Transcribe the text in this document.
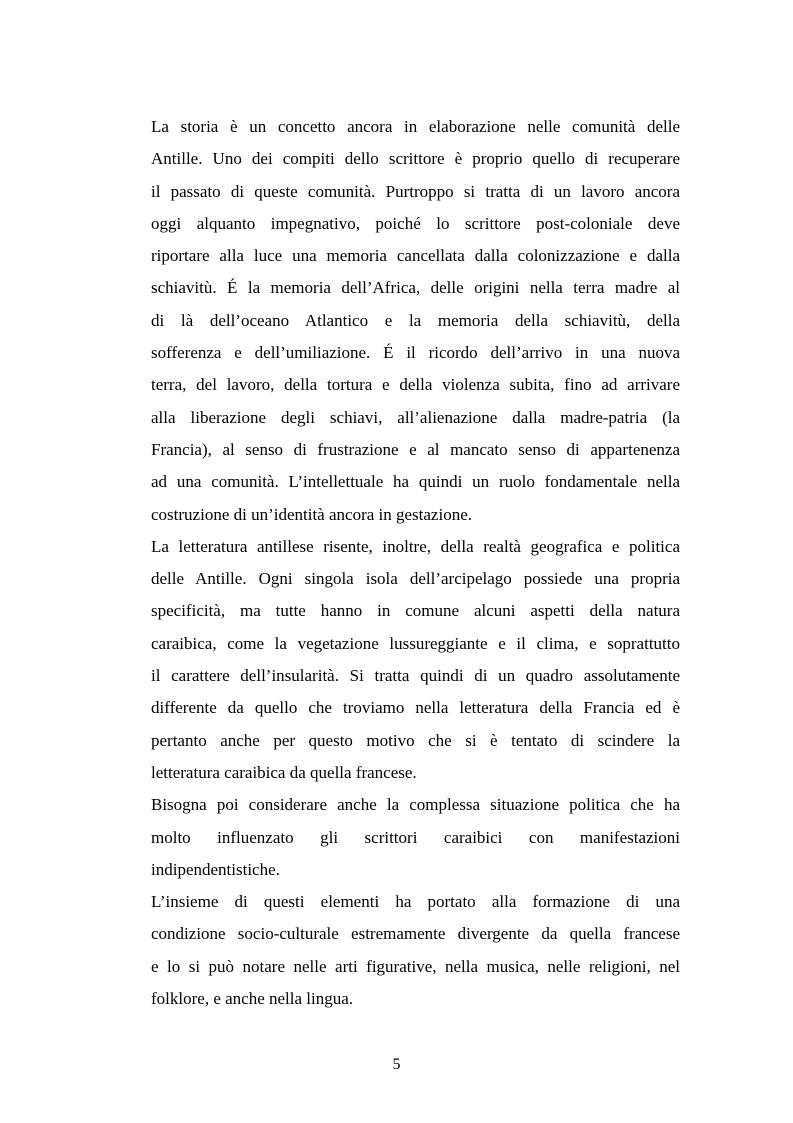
La storia è un concetto ancora in elaborazione nelle comunità delle
Antille. Uno dei compiti dello scrittore è proprio quello di recuperare
il passato di queste comunità. Purtroppo si tratta di un lavoro ancora
oggi alquanto impegnativo, poiché lo scrittore post-coloniale deve
riportare alla luce una memoria cancellata dalla colonizzazione e dalla
schiavitù. É la memoria dell’Africa, delle origini nella terra madre al
di là dell’oceano Atlantico e la memoria della schiavitù, della
sofferenza e dell’umiliazione. É il ricordo dell’arrivo in una nuova
terra, del lavoro, della tortura e della violenza subita, fino ad arrivare
alla liberazione degli schiavi, all’alienazione dalla madre-patria (la
Francia), al senso di frustrazione e al mancato senso di appartenenza
ad una comunità. L’intellettuale ha quindi un ruolo fondamentale nella
costruzione di un’identità ancora in gestazione.
La letteratura antillese risente, inoltre, della realtà geografica e politica
delle Antille. Ogni singola isola dell’arcipelago possiede una propria
specificità, ma tutte hanno in comune alcuni aspetti della natura
caraibica, come la vegetazione lussureggiante e il clima, e soprattutto
il carattere dell’insularità. Si tratta quindi di un quadro assolutamente
differente da quello che troviamo nella letteratura della Francia ed è
pertanto anche per questo motivo che si è tentato di scindere la
letteratura caraibica da quella francese.
Bisogna poi considerare anche la complessa situazione politica che ha
molto influenzato gli scrittori caraibici con manifestazioni
indipendentistiche.
L’insieme di questi elementi ha portato alla formazione di una
condizione socio-culturale estremamente divergente da quella francese
e lo si può notare nelle arti figurative, nella musica, nelle religioni, nel
folklore, e anche nella lingua.
5
